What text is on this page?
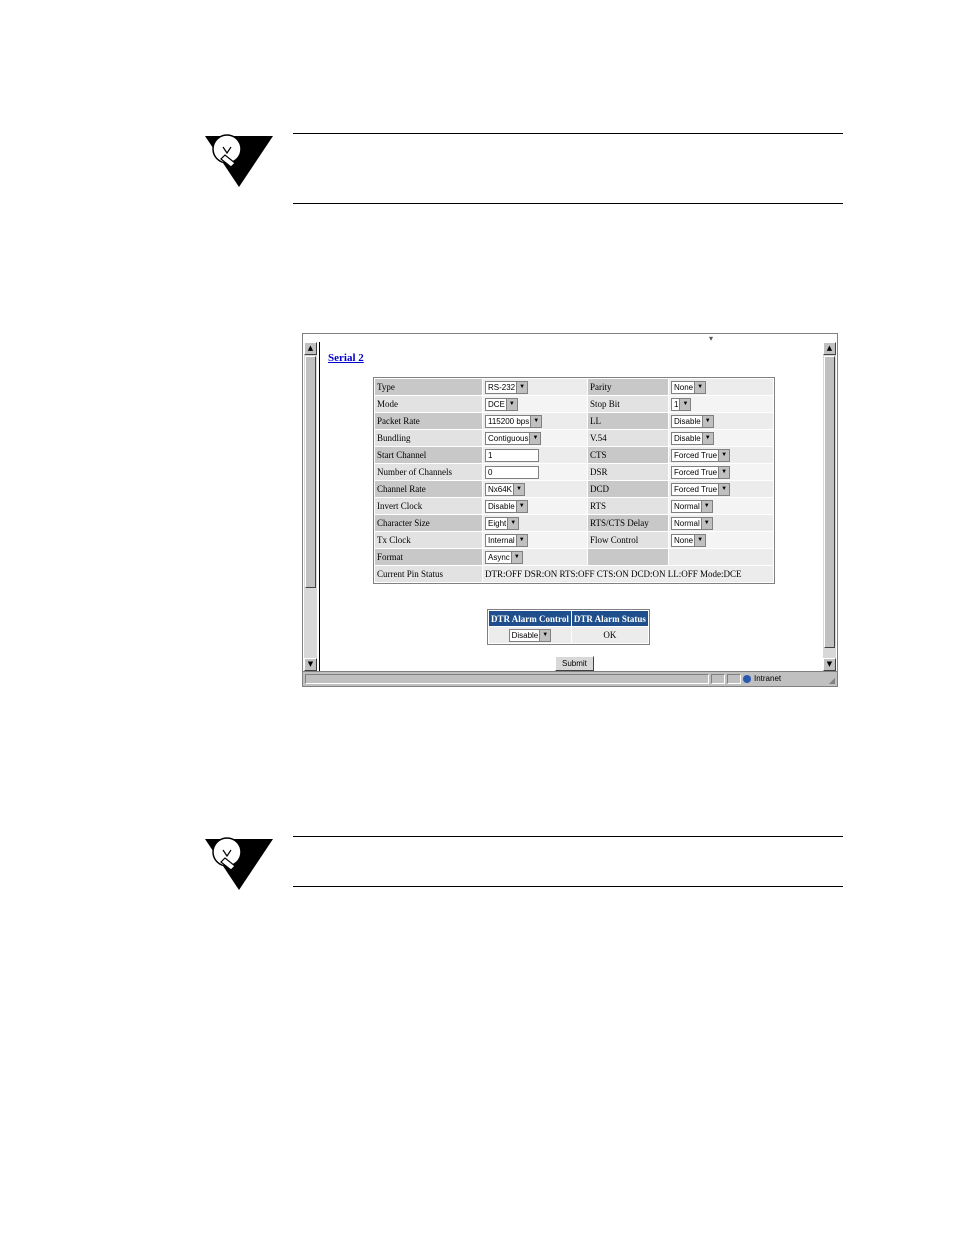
▾
▲
▼
Serial 2
Type	RS-232 ▼	Parity	None ▼

Mode	DCE ▼	Stop Bit	1 ▼

Packet Rate	115200 bps ▼	LL	Disable ▼

Bundling	Contiguous ▼	V.54	Disable ▼

Start Channel	1	CTS	Forced True ▼

Number of Channels	0	DSR	Forced True ▼

Channel Rate	Nx64K ▼	DCD	Forced True ▼

Invert Clock	Disable ▼	RTS	Normal ▼

Character Size	Eight ▼	RTS/CTS Delay	Normal ▼

Tx Clock	Internal ▼	Flow Control	None ▼

Format	Async ▼		

Current Pin Status	DTR:OFF DSR:ON RTS:OFF CTS:ON DCD:ON LL:OFF Mode:DCE		
DTR Alarm Control	DTR Alarm Status
Disable ▼	OK
Submit
▲
▼
Intranet	◢
